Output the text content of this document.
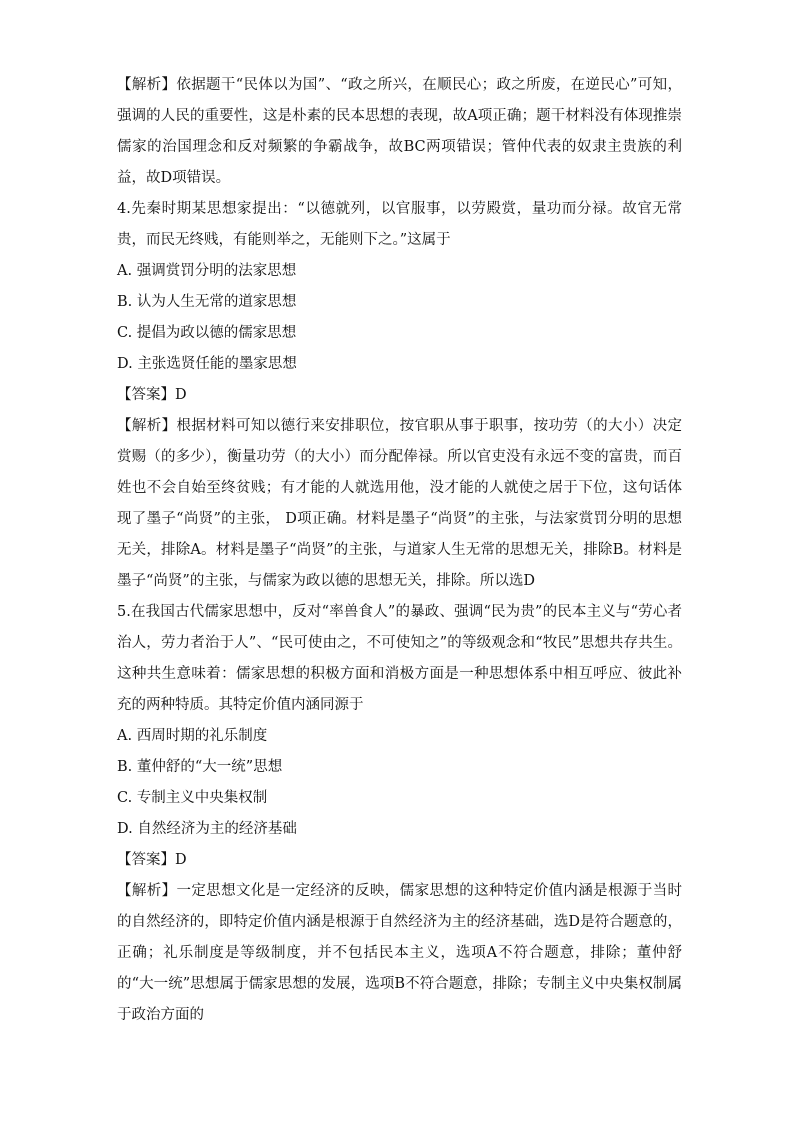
【解析】依据题干“民体以为国”、“政之所兴，在顺民心；政之所废，在逆民心”可知，强调的人民的重要性，这是朴素的民本思想的表现，故A项正确；题干材料没有体现推崇儒家的治国理念和反对频繁的争霸战争，故BC两项错误；管仲代表的奴隶主贵族的利益，故D项错误。

4.先秦时期某思想家提出：“以德就列，以官服事，以劳殿赏，量功而分禄。故官无常贵，而民无终贱，有能则举之，无能则下之。”这属于

A. 强调赏罚分明的法家思想

B. 认为人生无常的道家思想

C. 提倡为政以德的儒家思想

D. 主张选贤任能的墨家思想

【答案】D

【解析】根据材料可知以德行来安排职位，按官职从事于职事，按功劳（的大小）决定赏赐（的多少），衡量功劳（的大小）而分配俸禄。所以官吏没有永远不变的富贵，而百姓也不会自始至终贫贱；有才能的人就选用他，没才能的人就使之居于下位，这句话体现了墨子“尚贤”的主张， D项正确。材料是墨子“尚贤”的主张，与法家赏罚分明的思想无关，排除A。材料是墨子“尚贤”的主张，与道家人生无常的思想无关，排除B。材料是墨子“尚贤”的主张，与儒家为政以德的思想无关，排除。所以选D

5.在我国古代儒家思想中，反对“率兽食人”的暴政、强调“民为贵”的民本主义与“劳心者治人，劳力者治于人”、“民可使由之，不可使知之”的等级观念和“牧民”思想共存共生。这种共生意味着：儒家思想的积极方面和消极方面是一种思想体系中相互呼应、彼此补充的两种特质。其特定价值内涵同源于

A. 西周时期的礼乐制度

B. 董仲舒的“大一统”思想

C. 专制主义中央集权制

D. 自然经济为主的经济基础

【答案】D

【解析】一定思想文化是一定经济的反映，儒家思想的这种特定价值内涵是根源于当时的自然经济的，即特定价值内涵是根源于自然经济为主的经济基础，选D是符合题意的，正确；礼乐制度是等级制度，并不包括民本主义，选项A不符合题意，排除；董仲舒的“大一统”思想属于儒家思想的发展，选项B不符合题意，排除；专制主义中央集权制属于政治方面的
